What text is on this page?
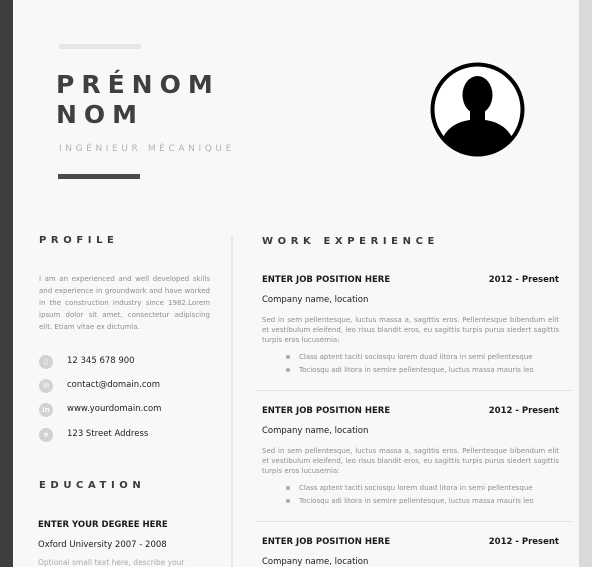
PRÉNOM
NOM
INGÉNIEUR MÉCANIQUE
PROFILE
I am an experienced and well developed skills and experience in groundwork and have worked in the construction industry since 1982.Lorem ipsum dolor sit amet, consectetur adipiscing elit. Etiam vitae ex dictumla.
▯	12 345 678 900
✉	contact@domain.com
in	www.yourdomain.com
⌾	123 Street Address
EDUCATION
ENTER YOUR DEGREE HERE
Oxford University 2007 - 2008
Optional small text here, describe your
WORK EXPERIENCE
ENTER JOB POSITION HERE	2012 - Present
Company name, location
Sed in sem pellentesque, luctus massa a, sagittis eros. Pellentesque bibendum elit et vestibulum eleifend, leo risus blandit eros, eu sagittis turpis purus siedert sagittis turpis eros lucusemia:
Class aptent taciti sociosqu lorem duad litora in semi pellentesque
Tociosqu adi litora in semire pellentesque, luctus massa mauris leo
ENTER JOB POSITION HERE	2012 - Present
Company name, location
Sed in sem pellentesque, luctus massa a, sagittis eros. Pellentesque bibendum elit et vestibulum eleifend, leo risus blandit eros, eu sagittis turpis purus siedert sagittis turpis eros lucusemia:
Class aptent taciti sociosqu lorem duad litora in semi pellentesque
Tociosqu adi litora in semire pellentesque, luctus massa mauris leo
ENTER JOB POSITION HERE	2012 - Present
Company name, location
